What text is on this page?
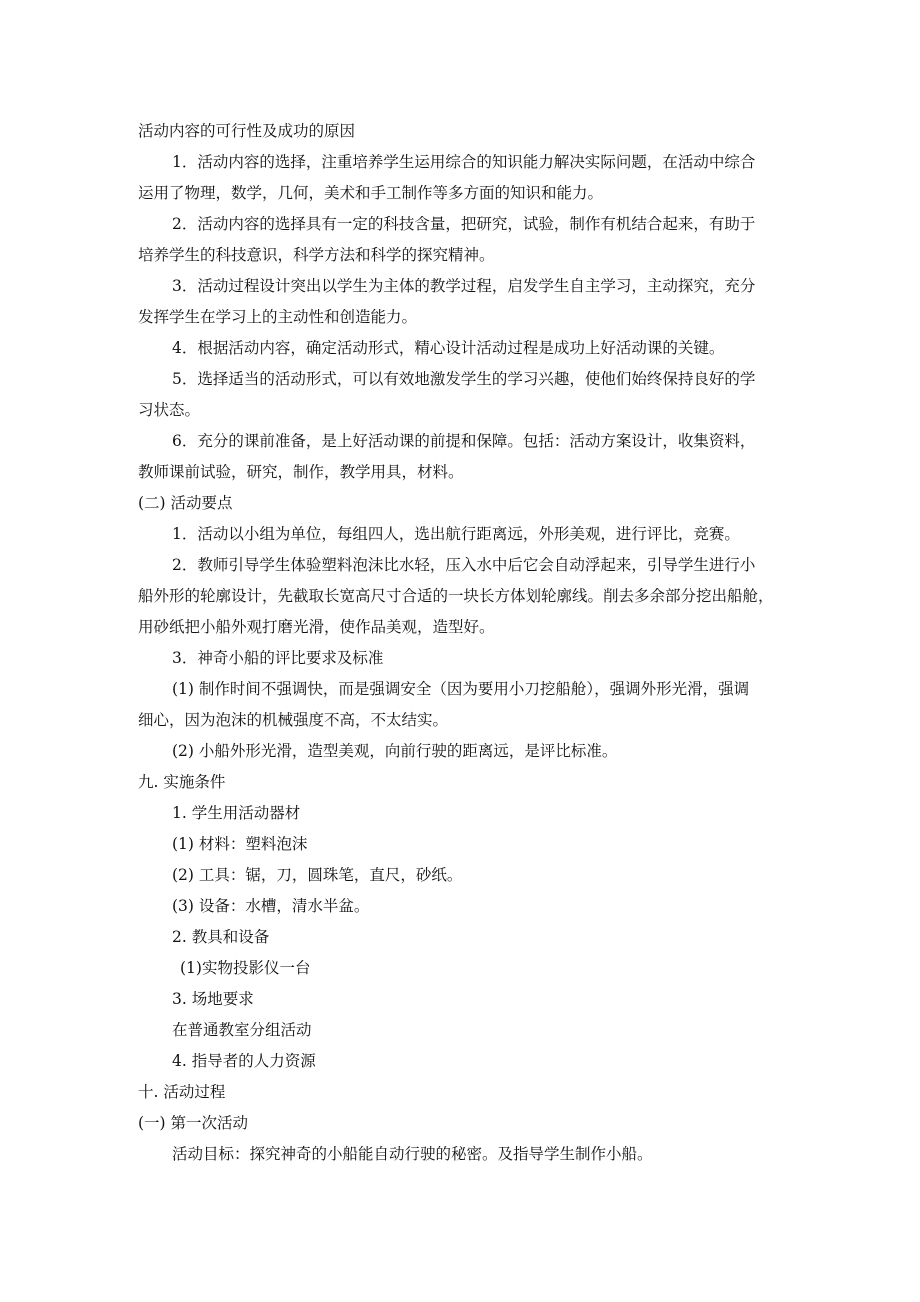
活动内容的可行性及成功的原因
1．活动内容的选择，注重培养学生运用综合的知识能力解决实际问题，在活动中综合
运用了物理，数学，几何，美术和手工制作等多方面的知识和能力。
2．活动内容的选择具有一定的科技含量，把研究，试验，制作有机结合起来，有助于
培养学生的科技意识，科学方法和科学的探究精神。
3．活动过程设计突出以学生为主体的教学过程，启发学生自主学习，主动探究，充分
发挥学生在学习上的主动性和创造能力。
4．根据活动内容，确定活动形式，精心设计活动过程是成功上好活动课的关键。
5．选择适当的活动形式，可以有效地激发学生的学习兴趣，使他们始终保持良好的学
习状态。
6．充分的课前准备，是上好活动课的前提和保障。包括：活动方案设计，收集资料，
教师课前试验，研究，制作，教学用具，材料。
(二) 活动要点
1．活动以小组为单位，每组四人，选出航行距离远，外形美观，进行评比，竞赛。
2．教师引导学生体验塑料泡沫比水轻，压入水中后它会自动浮起来，引导学生进行小
船外形的轮廓设计，先截取长宽高尺寸合适的一块长方体划轮廓线。削去多余部分挖出船舱，
用砂纸把小船外观打磨光滑，使作品美观，造型好。
3．神奇小船的评比要求及标准
(1) 制作时间不强调快，而是强调安全（因为要用小刀挖船舱），强调外形光滑，强调
细心，因为泡沫的机械强度不高，不太结实。
(2) 小船外形光滑，造型美观，向前行驶的距离远，是评比标准。
九. 实施条件
1. 学生用活动器材
(1) 材料：塑料泡沫
(2) 工具：锯，刀，圆珠笔，直尺，砂纸。
(3) 设备：水槽，清水半盆。
2. 教具和设备
(1)实物投影仪一台
3. 场地要求
在普通教室分组活动
4. 指导者的人力资源
十. 活动过程
(一) 第一次活动
活动目标：探究神奇的小船能自动行驶的秘密。及指导学生制作小船。
